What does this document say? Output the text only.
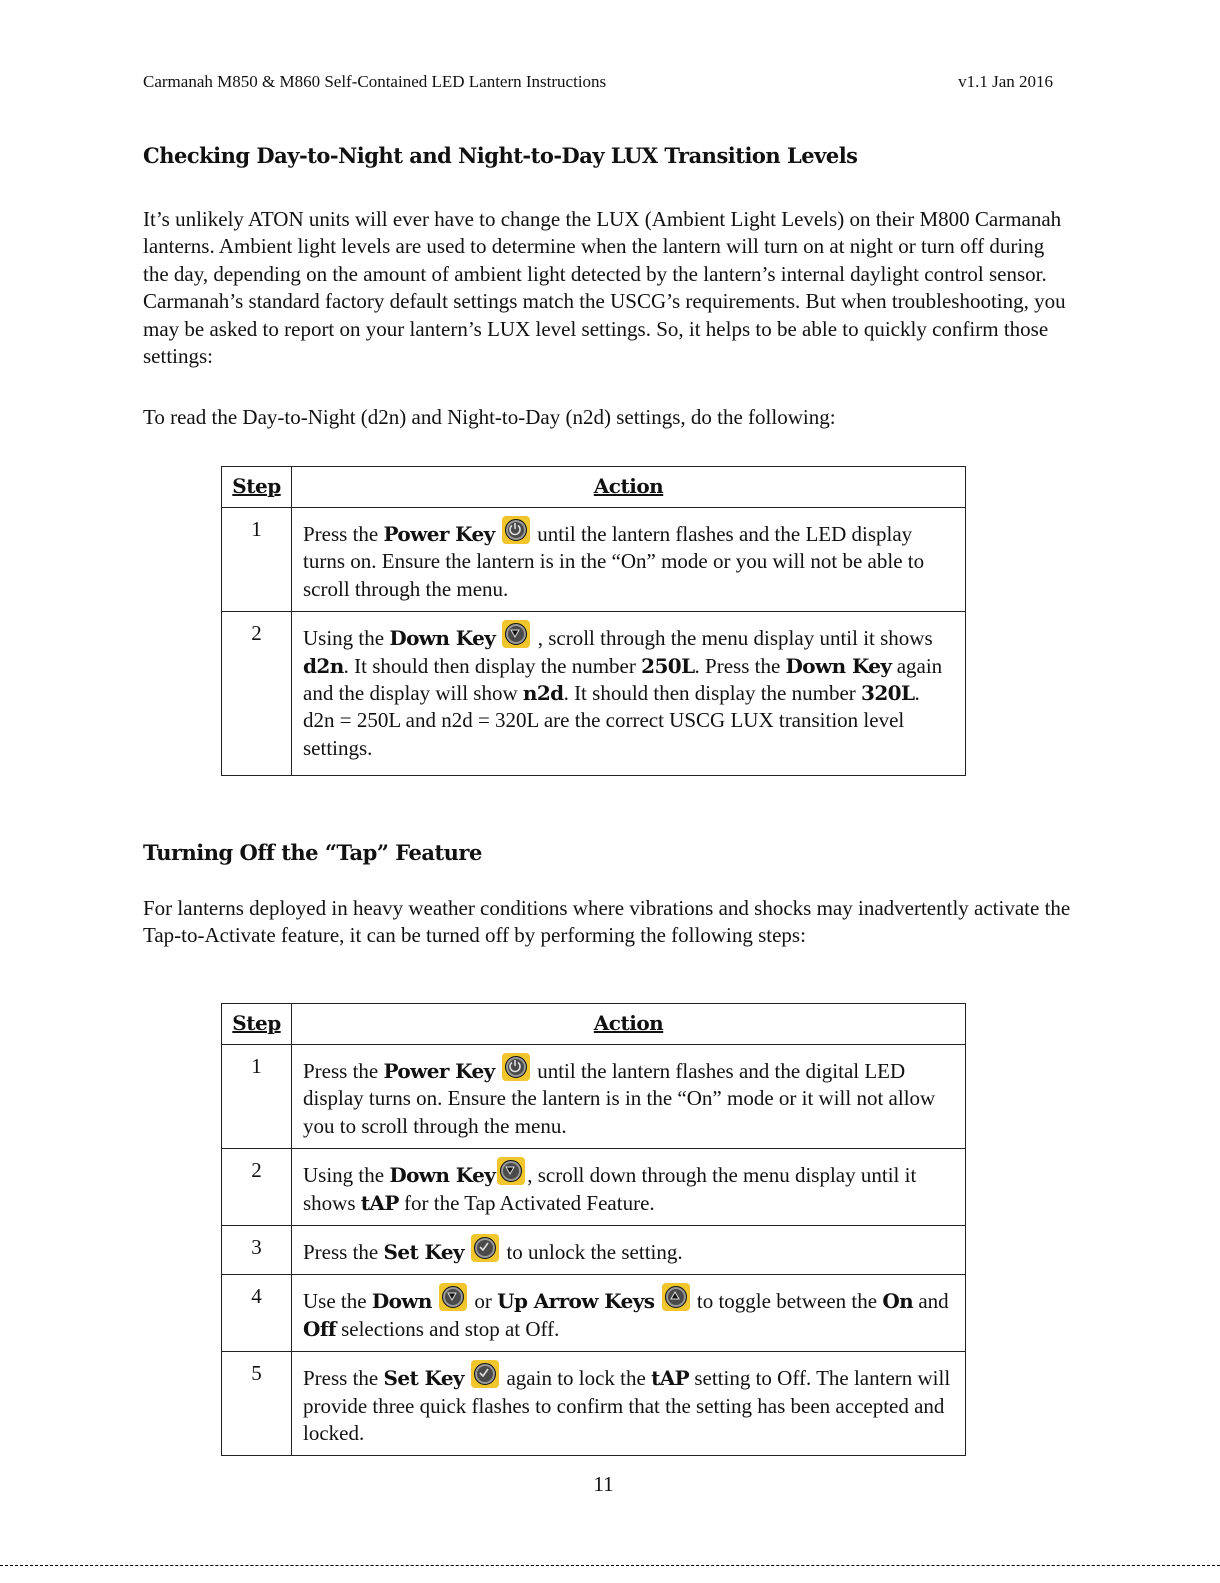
Carmanah M850 & M860 Self-Contained LED Lantern Instructions	v1.1 Jan 2016
Checking Day-to-Night and Night-to-Day LUX Transition Levels
It’s unlikely ATON units will ever have to change the LUX (Ambient Light Levels) on their M800 Carmanah lanterns. Ambient light levels are used to determine when the lantern will turn on at night or turn off during the day, depending on the amount of ambient light detected by the lantern’s internal daylight control sensor. Carmanah’s standard factory default settings match the USCG’s requirements. But when troubleshooting, you may be asked to report on your lantern’s LUX level settings. So, it helps to be able to quickly confirm those settings:
To read the Day-to-Night (d2n) and Night-to-Day (n2d) settings, do the following:
Step	Action
1	Press the Power Key
until the lantern flashes and the LED display turns on. Ensure the lantern is in the “On” mode or you will not be able to scroll through the menu.
2	Using the Down Key
, scroll through the menu display until it shows d2n. It should then display the number 250L. Press the Down Key again and the display will show n2d. It should then display the number 320L. d2n = 250L and n2d = 320L are the correct USCG LUX transition level settings.
Turning Off the “Tap” Feature
For lanterns deployed in heavy weather conditions where vibrations and shocks may inadvertently activate the Tap-to-Activate feature, it can be turned off by performing the following steps:
Step	Action
1	Press the Power Key
until the lantern flashes and the digital LED display turns on. Ensure the lantern is in the “On” mode or it will not allow you to scroll through the menu.
2	Using the Down Key , scroll down through the menu display until it shows tAP for the Tap Activated Feature.
3	Press the Set Key
to unlock the setting.
4	Use the Down
or Up Arrow Keys
to toggle between the On and Off selections and stop at Off.
5	Press the Set Key
again to lock the tAP setting to Off. The lantern will provide three quick flashes to confirm that the setting has been accepted and locked.
11
